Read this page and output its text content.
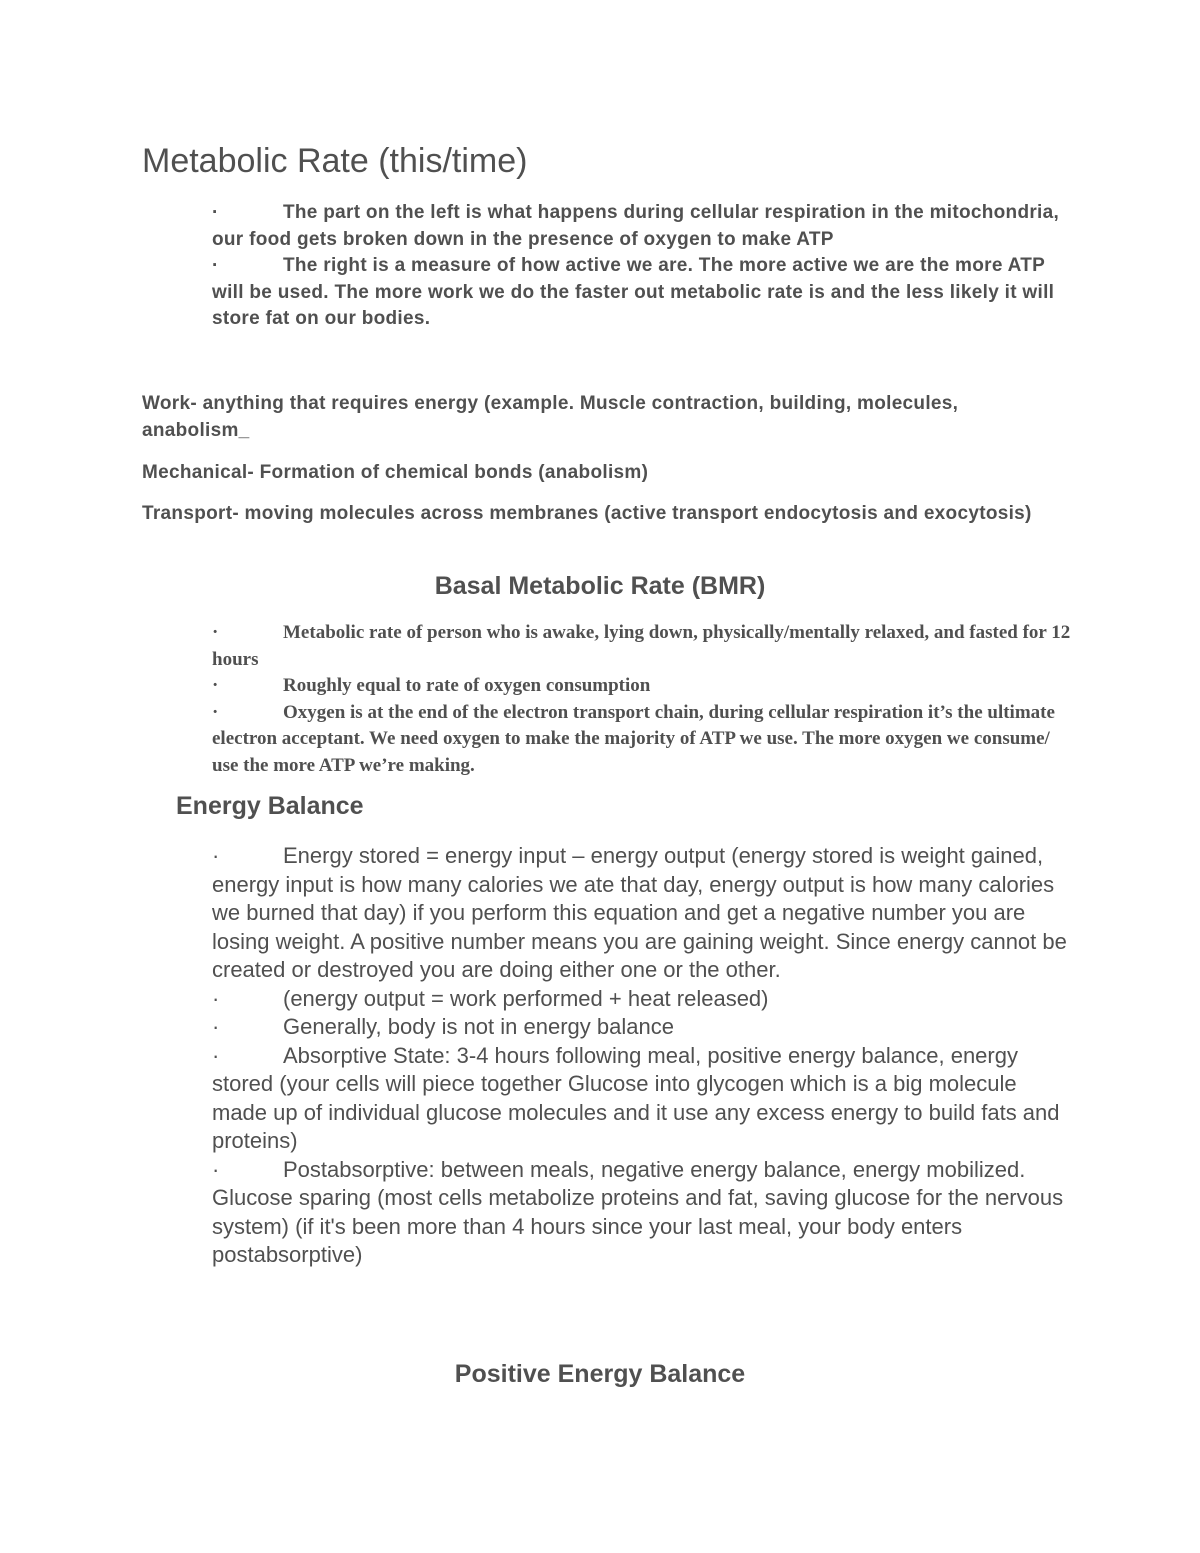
Metabolic Rate (this/time)
·	The part on the left is what happens during cellular respiration in the mitochondria, our food gets broken down in the presence of oxygen to make ATP
·	The right is a measure of how active we are. The more active we are the more ATP will be used. The more work we do the faster out metabolic rate is and the less likely it will store fat on our bodies.

Work- anything that requires energy (example. Muscle contraction, building, molecules, anabolism_

Mechanical- Formation of chemical bonds (anabolism)

Transport- moving molecules across membranes (active transport endocytosis and exocytosis)

Basal Metabolic Rate (BMR)
·	Metabolic rate of person who is awake, lying down, physically/mentally relaxed, and fasted for 12 hours
·	Roughly equal to rate of oxygen consumption
·	Oxygen is at the end of the electron transport chain, during cellular respiration it’s the ultimate electron acceptant. We need oxygen to make the majority of ATP we use. The more oxygen we consume/ use the more ATP we’re making.
Energy Balance
·	Energy stored = energy input – energy output (energy stored is weight gained, energy input is how many calories we ate that day, energy output is how many calories we burned that day) if you perform this equation and get a negative number you are losing weight. A positive number means you are gaining weight. Since energy cannot be created or destroyed you are doing either one or the other.
·	(energy output = work performed + heat released)
·	Generally, body is not in energy balance
·	Absorptive State: 3-4 hours following meal, positive energy balance, energy stored (your cells will piece together Glucose into glycogen which is a big molecule made up of individual glucose molecules and it use any excess energy to build fats and proteins)
·	Postabsorptive: between meals, negative energy balance, energy mobilized. Glucose sparing (most cells metabolize proteins and fat, saving glucose for the nervous system) (if it's been more than 4 hours since your last meal, your body enters postabsorptive)
Positive Energy Balance
